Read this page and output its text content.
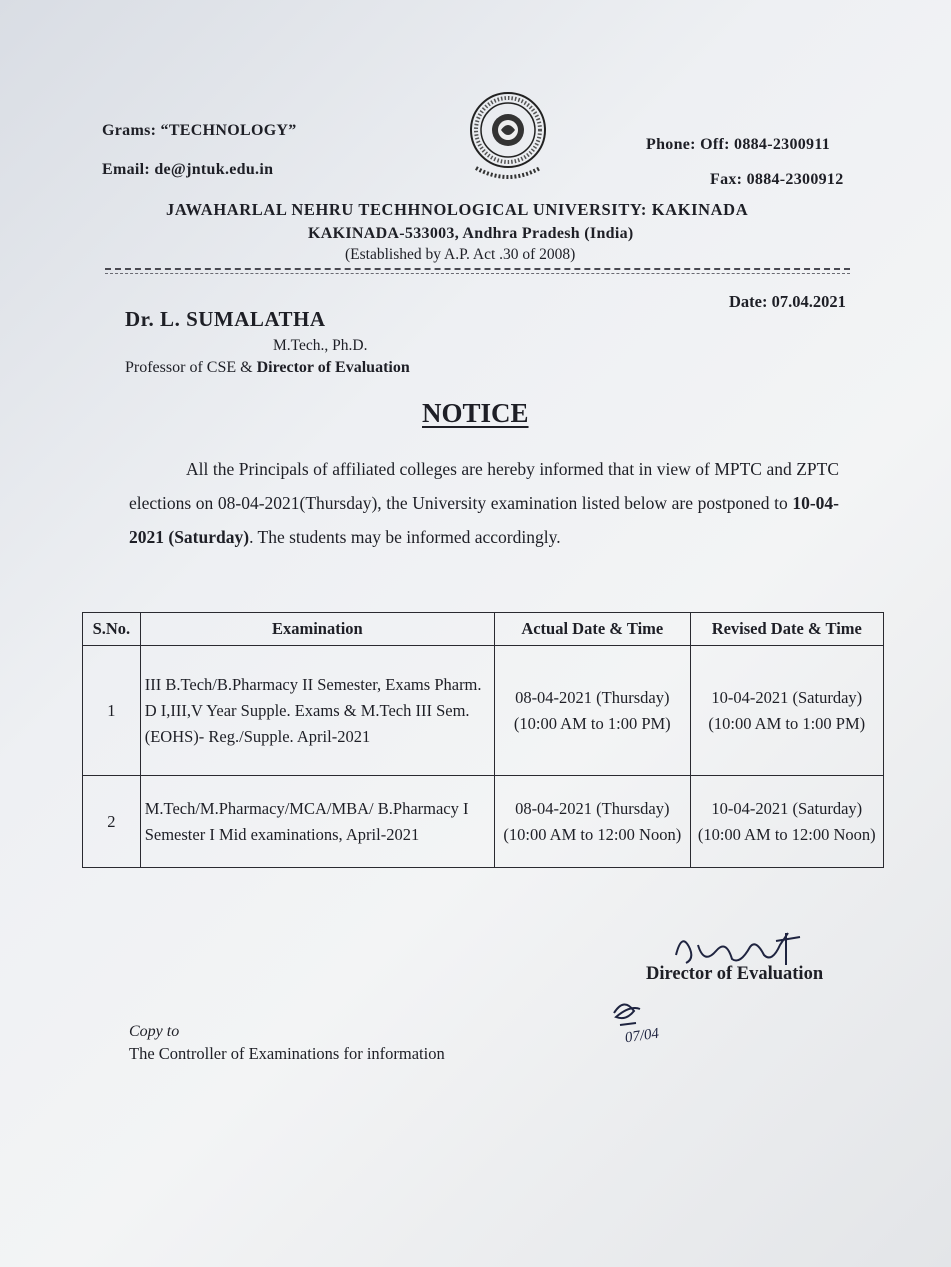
Grams: “TECHNOLOGY”
Email: de@jntuk.edu.in
Phone: Off: 0884-2300911
Fax: 0884-2300912
JAWAHARLAL NEHRU TECHHNOLOGICAL UNIVERSITY: KAKINADA
KAKINADA-533003, Andhra Pradesh (India)
(Established by A.P. Act .30 of 2008)
Date: 07.04.2021
Dr. L. SUMALATHA
M.Tech., Ph.D.
Professor of CSE & Director of Evaluation
NOTICE
All the Principals of affiliated colleges are hereby informed that in view of MPTC and ZPTC elections on 08-04-2021(Thursday), the University examination listed below are postponed to 10-04-2021 (Saturday). The students may be informed accordingly.
S.No.	Examination	Actual Date & Time	Revised Date & Time
1	III B.Tech/B.Pharmacy II Semester, Exams Pharm. D I,III,V Year Supple. Exams & M.Tech III Sem.(EOHS)- Reg./Supple. April-2021	08-04-2021 (Thursday) (10:00 AM to 1:00 PM)	10-04-2021 (Saturday) (10:00 AM to 1:00 PM)
2	M.Tech/M.Pharmacy/MCA/MBA/ B.Pharmacy I Semester I Mid examinations, April-2021	08-04-2021 (Thursday) (10:00 AM to 12:00 Noon)	10-04-2021 (Saturday) (10:00 AM to 12:00 Noon)
Director of Evaluation
07/04
Copy to
The Controller of Examinations for information
